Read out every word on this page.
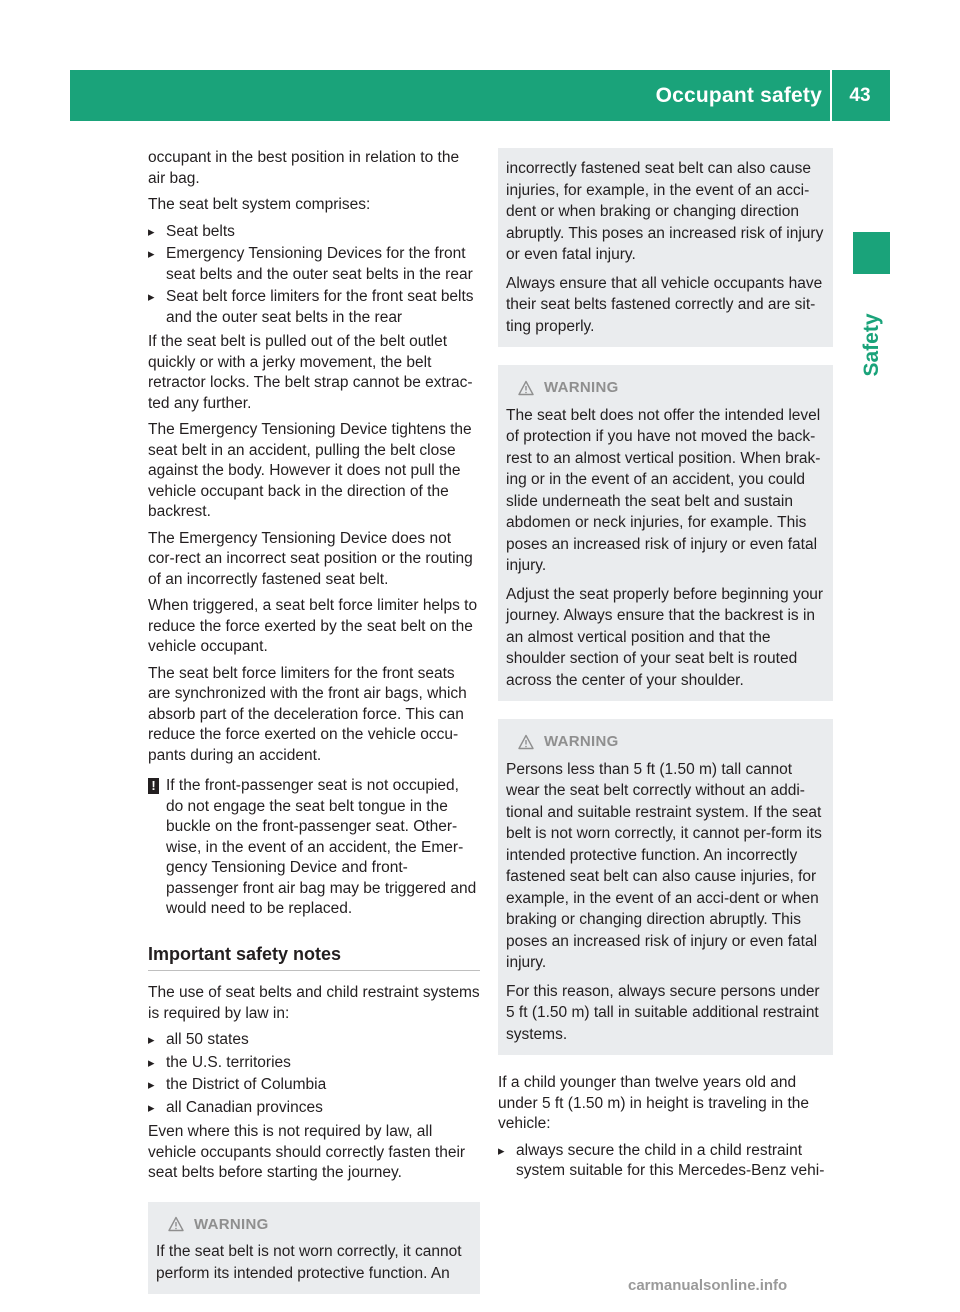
Occupant safety	43
Safety

occupant in the best position in relation to the air bag.

The seat belt system comprises:

▸ Seat belts
▸ Emergency Tensioning Devices for the front seat belts and the outer seat belts in the rear
▸ Seat belt force limiters for the front seat belts and the outer seat belts in the rear

If the seat belt is pulled out of the belt outlet quickly or with a jerky movement, the belt retractor locks. The belt strap cannot be extrac-ted any further.

The Emergency Tensioning Device tightens the seat belt in an accident, pulling the belt close against the body. However it does not pull the vehicle occupant back in the direction of the backrest.

The Emergency Tensioning Device does not cor-rect an incorrect seat position or the routing of an incorrectly fastened seat belt.

When triggered, a seat belt force limiter helps to reduce the force exerted by the seat belt on the vehicle occupant.

The seat belt force limiters for the front seats are synchronized with the front air bags, which absorb part of the deceleration force. This can reduce the force exerted on the vehicle occu-pants during an accident.

! If the front-passenger seat is not occupied, do not engage the seat belt tongue in the buckle on the front-passenger seat. Other-wise, in the event of an accident, the Emer-gency Tensioning Device and front-passenger front air bag may be triggered and would need to be replaced.
Important safety notes

The use of seat belts and child restraint systems is required by law in:

▸ all 50 states
▸ the U.S. territories
▸ the District of Columbia
▸ all Canadian provinces

Even where this is not required by law, all vehicle occupants should correctly fasten their seat belts before starting the journey.

WARNING

If the seat belt is not worn correctly, it cannot perform its intended protective function. An

incorrectly fastened seat belt can also cause injuries, for example, in the event of an acci-dent or when braking or changing direction abruptly. This poses an increased risk of injury or even fatal injury.

Always ensure that all vehicle occupants have their seat belts fastened correctly and are sit-ting properly.

WARNING

The seat belt does not offer the intended level of protection if you have not moved the back-rest to an almost vertical position. When brak-ing or in the event of an accident, you could slide underneath the seat belt and sustain abdomen or neck injuries, for example. This poses an increased risk of injury or even fatal injury.

Adjust the seat properly before beginning your journey. Always ensure that the backrest is in an almost vertical position and that the shoulder section of your seat belt is routed across the center of your shoulder.

WARNING

Persons less than 5 ft (1.50 m) tall cannot wear the seat belt correctly without an addi-tional and suitable restraint system. If the seat belt is not worn correctly, it cannot per-form its intended protective function. An incorrectly fastened seat belt can also cause injuries, for example, in the event of an acci-dent or when braking or changing direction abruptly. This poses an increased risk of injury or even fatal injury.

For this reason, always secure persons under 5 ft (1.50 m) tall in suitable additional restraint systems.

If a child younger than twelve years old and under 5 ft (1.50 m) in height is traveling in the vehicle:

▸ always secure the child in a child restraint system suitable for this Mercedes-Benz vehi-
carmanualsonline.info
